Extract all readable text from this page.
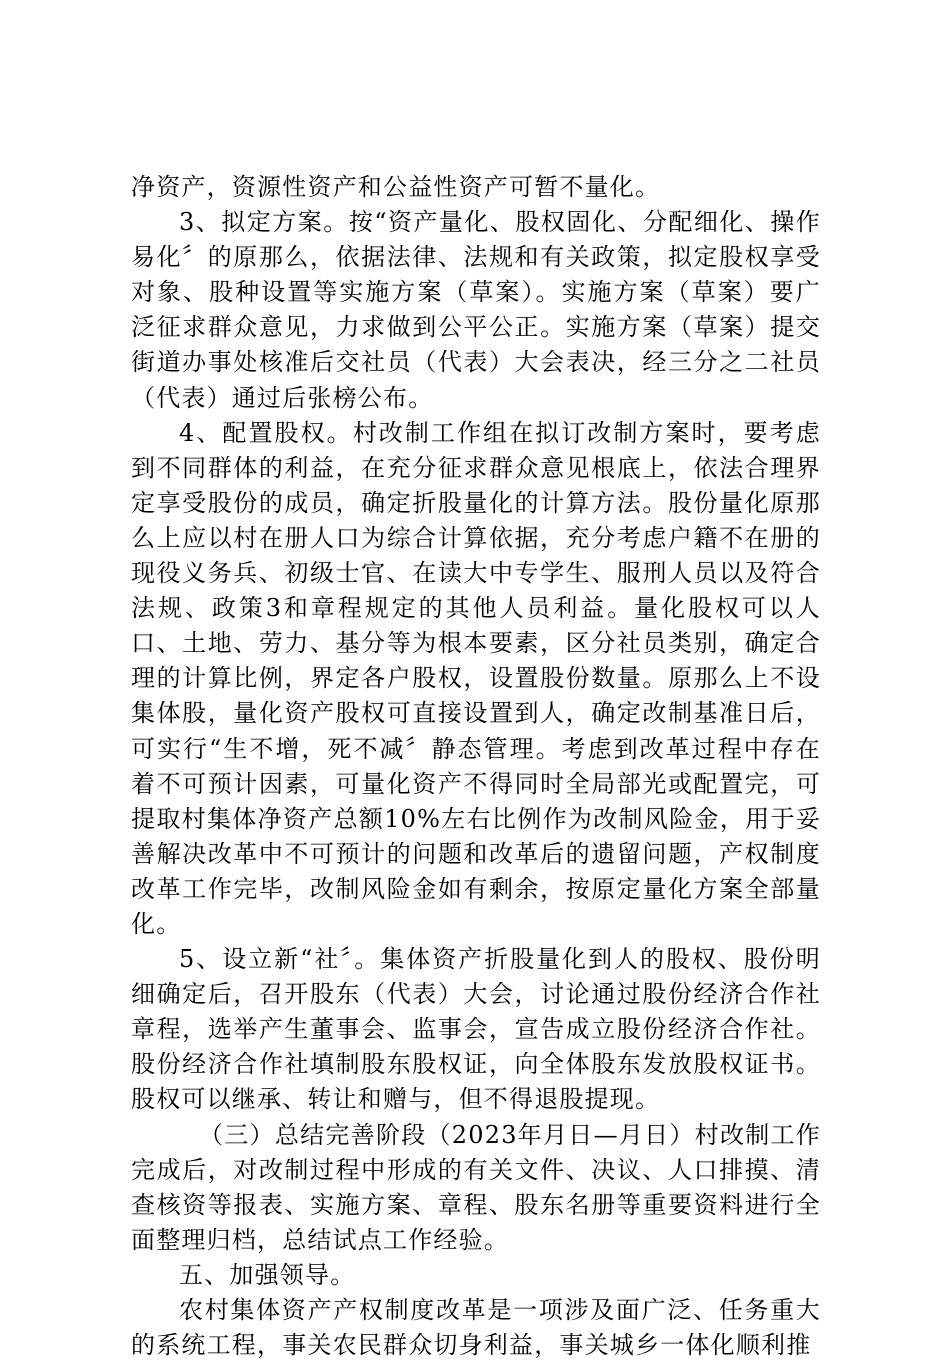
净资产，资源性资产和公益性资产可暂不量化。

3、拟定方案。按“资产量化、股权固化、分配细化、操作易化〞的原那么，依据法律、法规和有关政策，拟定股权享受对象、股种设置等实施方案（草案）。实施方案（草案）要广泛征求群众意见，力求做到公平公正。实施方案（草案）提交街道办事处核准后交社员（代表）大会表决，经三分之二社员（代表）通过后张榜公布。

4、配置股权。村改制工作组在拟订改制方案时，要考虑到不同群体的利益，在充分征求群众意见根底上，依法合理界定享受股份的成员，确定折股量化的计算方法。股份量化原那么上应以村在册人口为综合计算依据，充分考虑户籍不在册的现役义务兵、初级士官、在读大中专学生、服刑人员以及符合法规、政策3和章程规定的其他人员利益。量化股权可以人口、土地、劳力、基分等为根本要素，区分社员类别，确定合理的计算比例，界定各户股权，设置股份数量。原那么上不设集体股，量化资产股权可直接设置到人，确定改制基准日后，可实行“生不增，死不减〞静态管理。考虑到改革过程中存在着不可预计因素，可量化资产不得同时全局部光或配置完，可提取村集体净资产总额10%左右比例作为改制风险金，用于妥善解决改革中不可预计的问题和改革后的遗留问题，产权制度改革工作完毕，改制风险金如有剩余，按原定量化方案全部量化。

5、设立新“社〞。集体资产折股量化到人的股权、股份明细确定后，召开股东（代表）大会，讨论通过股份经济合作社章程，选举产生董事会、监事会，宣告成立股份经济合作社。股份经济合作社填制股东股权证，向全体股东发放股权证书。股权可以继承、转让和赠与，但不得退股提现。

（三）总结完善阶段（2023年月日—月日）村改制工作完成后，对改制过程中形成的有关文件、决议、人口排摸、清查核资等报表、实施方案、章程、股东名册等重要资料进行全面整理归档，总结试点工作经验。

五、加强领导。

农村集体资产产权制度改革是一项涉及面广泛、任务重大的系统工程，事关农民群众切身利益，事关城乡一体化顺利推
